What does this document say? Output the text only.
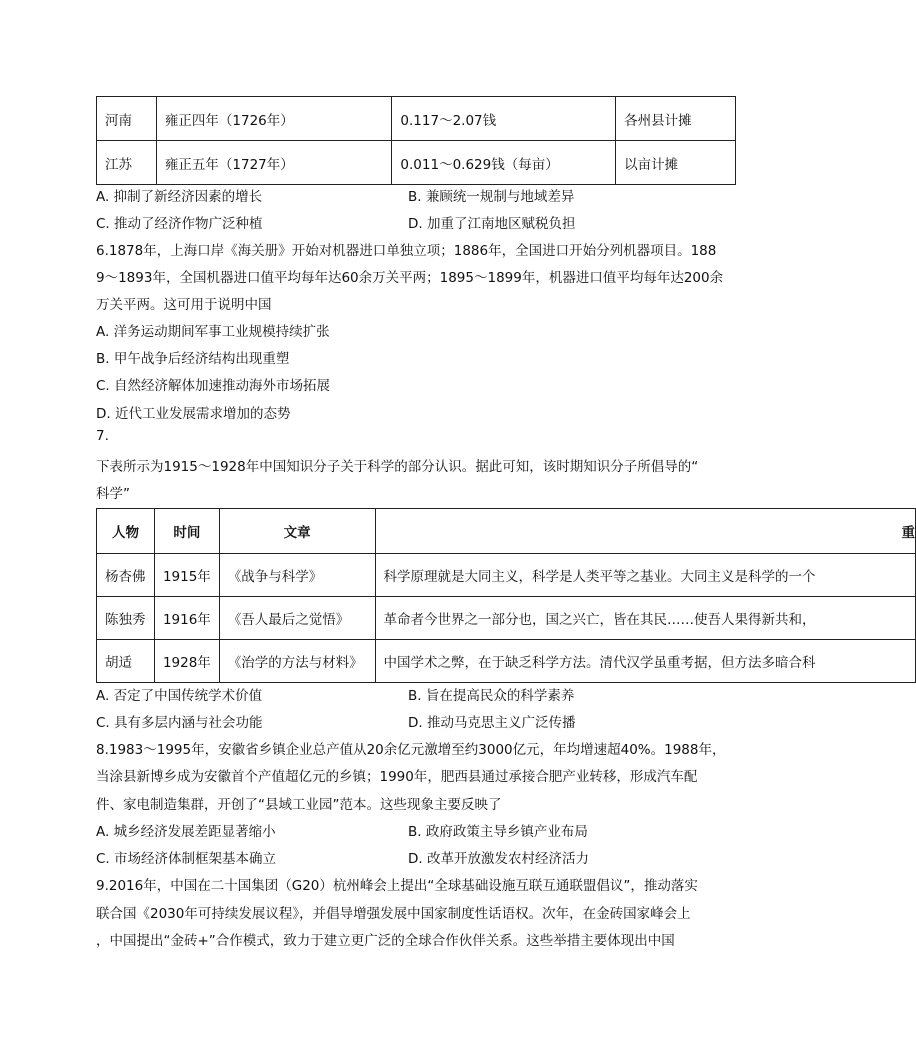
河南	雍正四年（1726年）	0.117～2.07钱	各州县计摊
江苏	雍正五年（1727年）	0.011～0.629钱（每亩）	以亩计摊
A. 抑制了新经济因素的增长	B. 兼顾统一规制与地域差异
C. 推动了经济作物广泛种植	D. 加重了江南地区赋税负担
6.1878年，上海口岸《海关册》开始对机器进口单独立项；1886年，全国进口开始分列机器项目。188
9～1893年，全国机器进口值平均每年达60余万关平两；1895～1899年，机器进口值平均每年达200余
万关平两。这可用于说明中国
A. 洋务运动期间军事工业规模持续扩张
B. 甲午战争后经济结构出现重塑
C. 自然经济解体加速推动海外市场拓展
D. 近代工业发展需求增加的态势
7.
下表所示为1915～1928年中国知识分子关于科学的部分认识。据此可知，该时期知识分子所倡导的“
科学”
人物	时间	文章	重
杨杏佛	1915年	《战争与科学》	科学原理就是大同主义，科学是人类平等之基业。大同主义是科学的一个
陈独秀	1916年	《吾人最后之觉悟》	革命者今世界之一部分也，国之兴亡，皆在其民……使吾人果得新共和，
胡适	1928年	《治学的方法与材料》	中国学术之弊，在于缺乏科学方法。清代汉学虽重考据，但方法多暗合科
A. 否定了中国传统学术价值	B. 旨在提高民众的科学素养
C. 具有多层内涵与社会功能	D. 推动马克思主义广泛传播
8.1983～1995年，安徽省乡镇企业总产值从20余亿元激增至约3000亿元，年均增速超40%。1988年，
当涂县新博乡成为安徽首个产值超亿元的乡镇；1990年，肥西县通过承接合肥产业转移，形成汽车配
件、家电制造集群，开创了“县域工业园”范本。这些现象主要反映了
A. 城乡经济发展差距显著缩小	B. 政府政策主导乡镇产业布局
C. 市场经济体制框架基本确立	D. 改革开放激发农村经济活力
9.2016年，中国在二十国集团（G20）杭州峰会上提出“全球基础设施互联互通联盟倡议”，推动落实
联合国《2030年可持续发展议程》，并倡导增强发展中国家制度性话语权。次年，在金砖国家峰会上
，中国提出“金砖+”合作模式，致力于建立更广泛的全球合作伙伴关系。这些举措主要体现出中国
